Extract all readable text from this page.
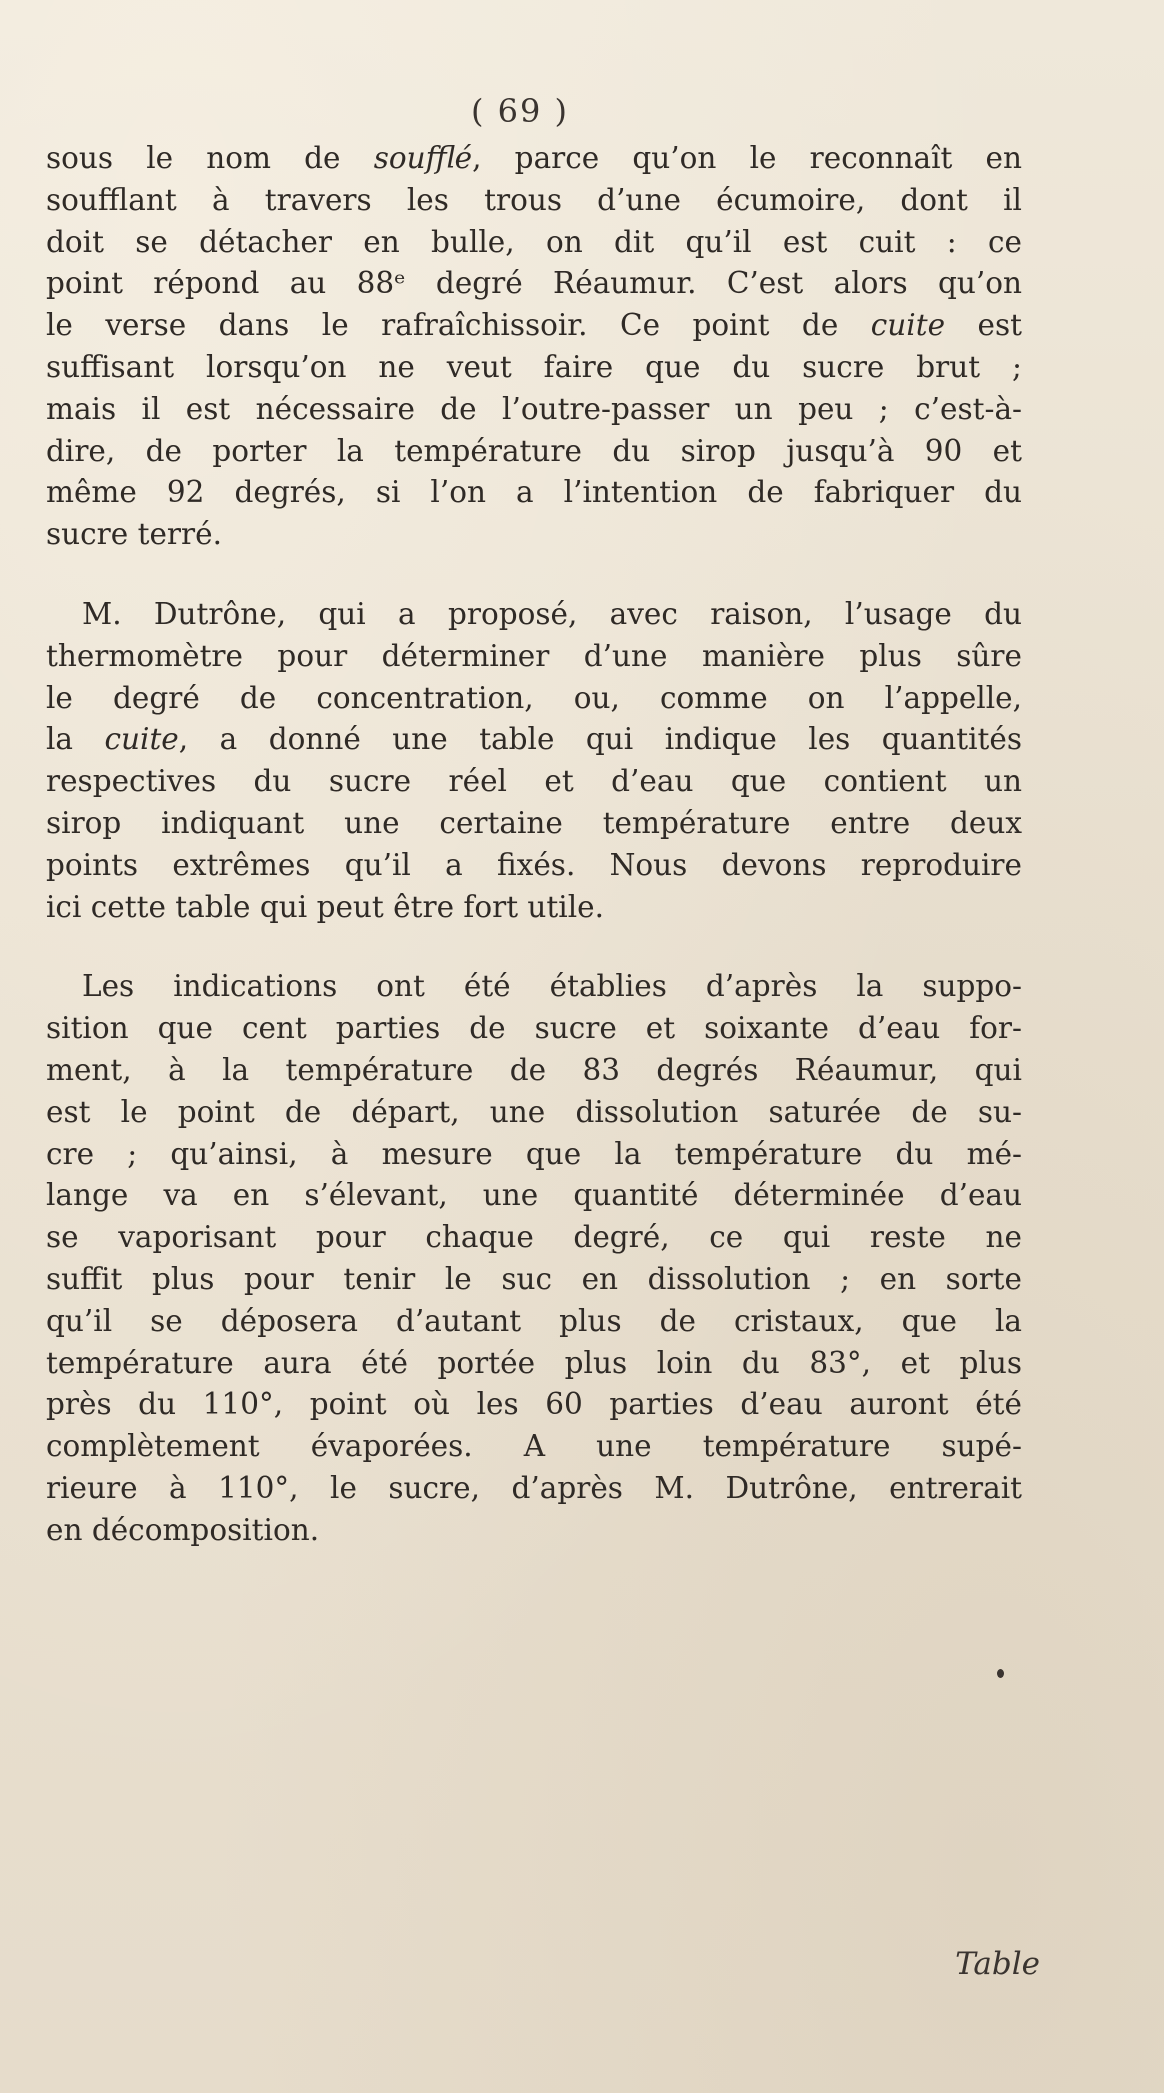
( 69 )

sous le nom de soufflé, parce qu’on le reconnaît en
soufflant à travers les trous d’une écumoire, dont il
doit se détacher en bulle, on dit qu’il est cuit : ce
point répond au 88ᵉ degré Réaumur. C’est alors qu’on
le verse dans le rafraîchissoir. Ce point de cuite est
suffisant lorsqu’on ne veut faire que du sucre brut ;
mais il est nécessaire de l’outre-passer un peu ; c’est-à-
dire, de porter la température du sirop jusqu’à 90 et
même 92 degrés, si l’on a l’intention de fabriquer du
sucre terré.

M. Dutrône, qui a proposé, avec raison, l’usage du
thermomètre pour déterminer d’une manière plus sûre
le degré de concentration, ou, comme on l’appelle,
la cuite, a donné une table qui indique les quantités
respectives du sucre réel et d’eau que contient un
sirop indiquant une certaine température entre deux
points extrêmes qu’il a fixés. Nous devons reproduire
ici cette table qui peut être fort utile.

Les indications ont été établies d’après la suppo-
sition que cent parties de sucre et soixante d’eau for-
ment, à la température de 83 degrés Réaumur, qui
est le point de départ, une dissolution saturée de su-
cre ; qu’ainsi, à mesure que la température du mé-
lange va en s’élevant, une quantité déterminée d’eau
se vaporisant pour chaque degré, ce qui reste ne
suffit plus pour tenir le suc en dissolution ; en sorte
qu’il se déposera d’autant plus de cristaux, que la
température aura été portée plus loin du 83°, et plus
près du 110°, point où les 60 parties d’eau auront été
complètement évaporées. A une température supé-
rieure à 110°, le sucre, d’après M. Dutrône, entrerait
en décomposition.

Table
